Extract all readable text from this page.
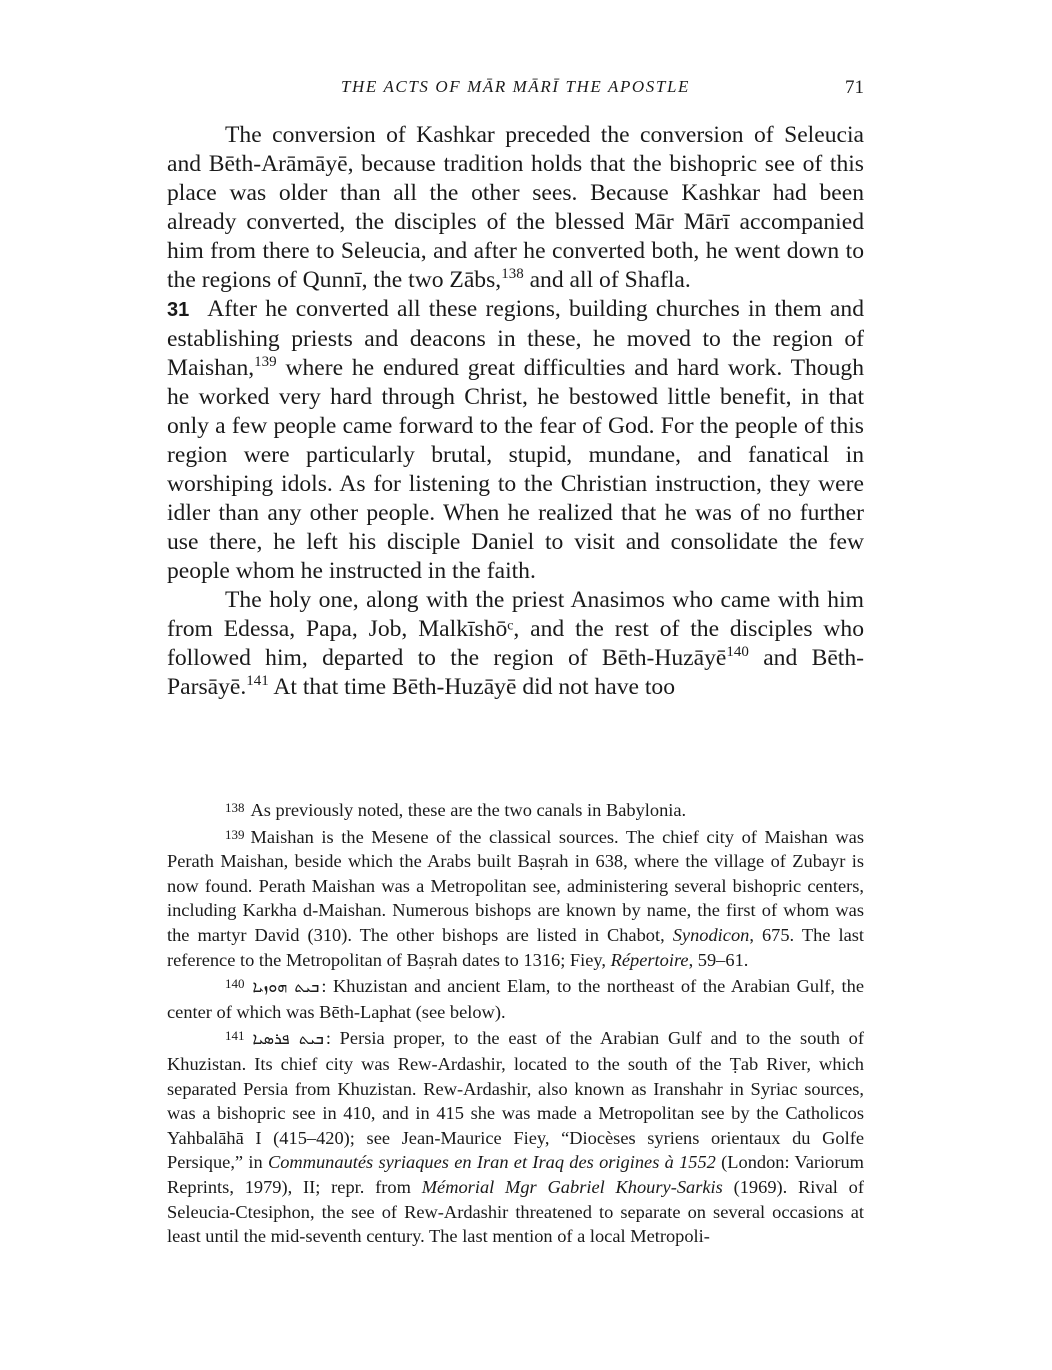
THE ACTS OF MĀR MĀRĪ THE APOSTLE	71

The conversion of Kashkar preceded the conversion of Seleucia and Bēth-Arāmāyē, because tradition holds that the bishopric see of this place was older than all the other sees. Because Kashkar had been already converted, the disciples of the blessed Mār Mārī accompanied him from there to Seleucia, and after he converted both, he went down to the regions of Qunnī, the two Zābs,$^{138}$ and all of Shafla.

31 After he converted all these regions, building churches in them and establishing priests and deacons in these, he moved to the region of Maishan,$^{139}$ where he endured great difficulties and hard work. Though he worked very hard through Christ, he bestowed little benefit, in that only a few people came forward to the fear of God. For the people of this region were particularly brutal, stupid, mundane, and fanatical in worshiping idols. As for listening to the Christian instruction, they were idler than any other people. When he realized that he was of no further use there, he left his disciple Daniel to visit and consolidate the few people whom he instructed in the faith.

The holy one, along with the priest Anasimos who came with him from Edessa, Papa, Job, Malkīshōᶜ, and the rest of the disciples who followed him, departed to the region of Bēth-Huzāyē$^{140}$ and Bēth-Parsāyē.$^{141}$ At that time Bēth-Huzāyē did not have too

$^{138}$ As previously noted, these are the two canals in Babylonia.

$^{139}$ Maishan is the Mesene of the classical sources. The chief city of Maishan was Perath Maishan, beside which the Arabs built Baṣrah in 638, where the village of Zubayr is now found. Perath Maishan was a Metropolitan see, administering several bishopric centers, including Karkha d-Maishan. Numerous bishops are known by name, the first of whom was the martyr David (310). The other bishops are listed in Chabot, Synodicon, 675. The last reference to the Metropolitan of Baṣrah dates to 1316; Fiey, Répertoire, 59–61.

$^{140}$ ܒܝܬ ܗܘܙܝܐ : Khuzistan and ancient Elam, to the northeast of the Arabian Gulf, the center of which was Bēth-Laphat (see below).

$^{141}$ ܒܝܬ ܦܪܣܝܐ : Persia proper, to the east of the Arabian Gulf and to the south of Khuzistan. Its chief city was Rew-Ardashir, located to the south of the Ṭab River, which separated Persia from Khuzistan. Rew-Ardashir, also known as Iranshahr in Syriac sources, was a bishopric see in 410, and in 415 she was made a Metropolitan see by the Catholicos Yahbalāhā I (415–420); see Jean-Maurice Fiey, “Diocèses syriens orientaux du Golfe Persique,” in Communautés syriaques en Iran et Iraq des origines à 1552 (London: Variorum Reprints, 1979), II; repr. from Mémorial Mgr Gabriel Khoury-Sarkis (1969). Rival of Seleucia-Ctesiphon, the see of Rew-Ardashir threatened to separate on several occasions at least until the mid-seventh century. The last mention of a local Metropoli-
